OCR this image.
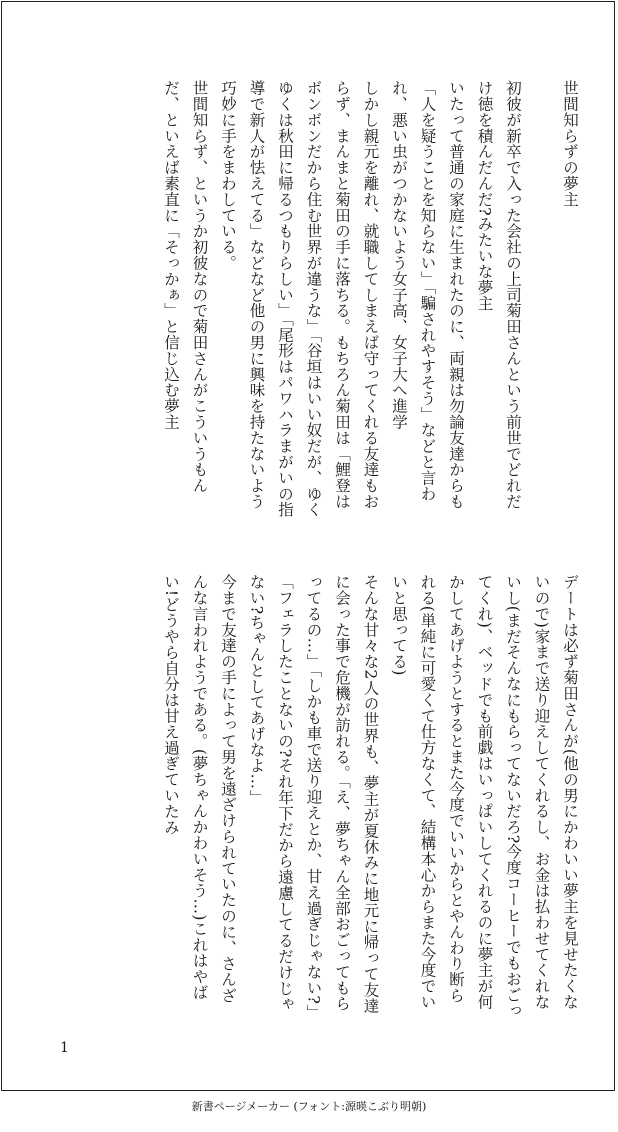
世間知らずの夢主

初彼が新卒で入った会社の上司菊田さんという前世でどれだけ徳を積んだんだ?みたいな夢主

いたって普通の家庭に生まれたのに、両親は勿論友達からも「人を疑うことを知らない」「騙されやすそう」などと言われ、悪い虫がつかないよう女子高、女子大へ進学

しかし親元を離れ、就職してしまえば守ってくれる友達もおらず、まんまと菊田の手に落ちる。もちろん菊田は「鯉登はボンボンだから住む世界が違うな」「谷垣はいい奴だが、ゆくゆくは秋田に帰るつもりらしい」「尾形はパワハラまがいの指導で新人が怯えてる」などなど他の男に興味を持たないよう巧妙に手をまわしている。

世間知らず、というか初彼なので菊田さんがこういうもんだ、といえば素直に「そっかぁ」と信じ込む夢主

デートは必ず菊田さんが(他の男にかわいい夢主を見せたくないので)家まで送り迎えしてくれるし、お金は払わせてくれないし(まだそんなにもらってないだろ?今度コーヒーでもおごってくれ)、ベッドでも前戯はいっぱいしてくれるのに夢主が何かしてあげようとするとまた今度でいいからとやんわり断られる(単純に可愛くて仕方なくて、結構本心からまた今度でいいと思ってる)

そんな甘々な2人の世界も、夢主が夏休みに地元に帰って友達に会った事で危機が訪れる。「え、夢ちゃん全部おごってもらってるの…」「しかも車で送り迎えとか、甘え過ぎじゃない?」「フェラしたことないの?それ年下だから遠慮してるだけじゃない?ちゃんとしてあげなよ…」

今まで友達の手によって男を遠ざけられていたのに、さんざんな言われようである。(夢ちゃんかわいそう…)これはやばい!どうやら自分は甘え過ぎていたみ

1
新書ページメーカー (フォント:源暎こぶり明朝)
